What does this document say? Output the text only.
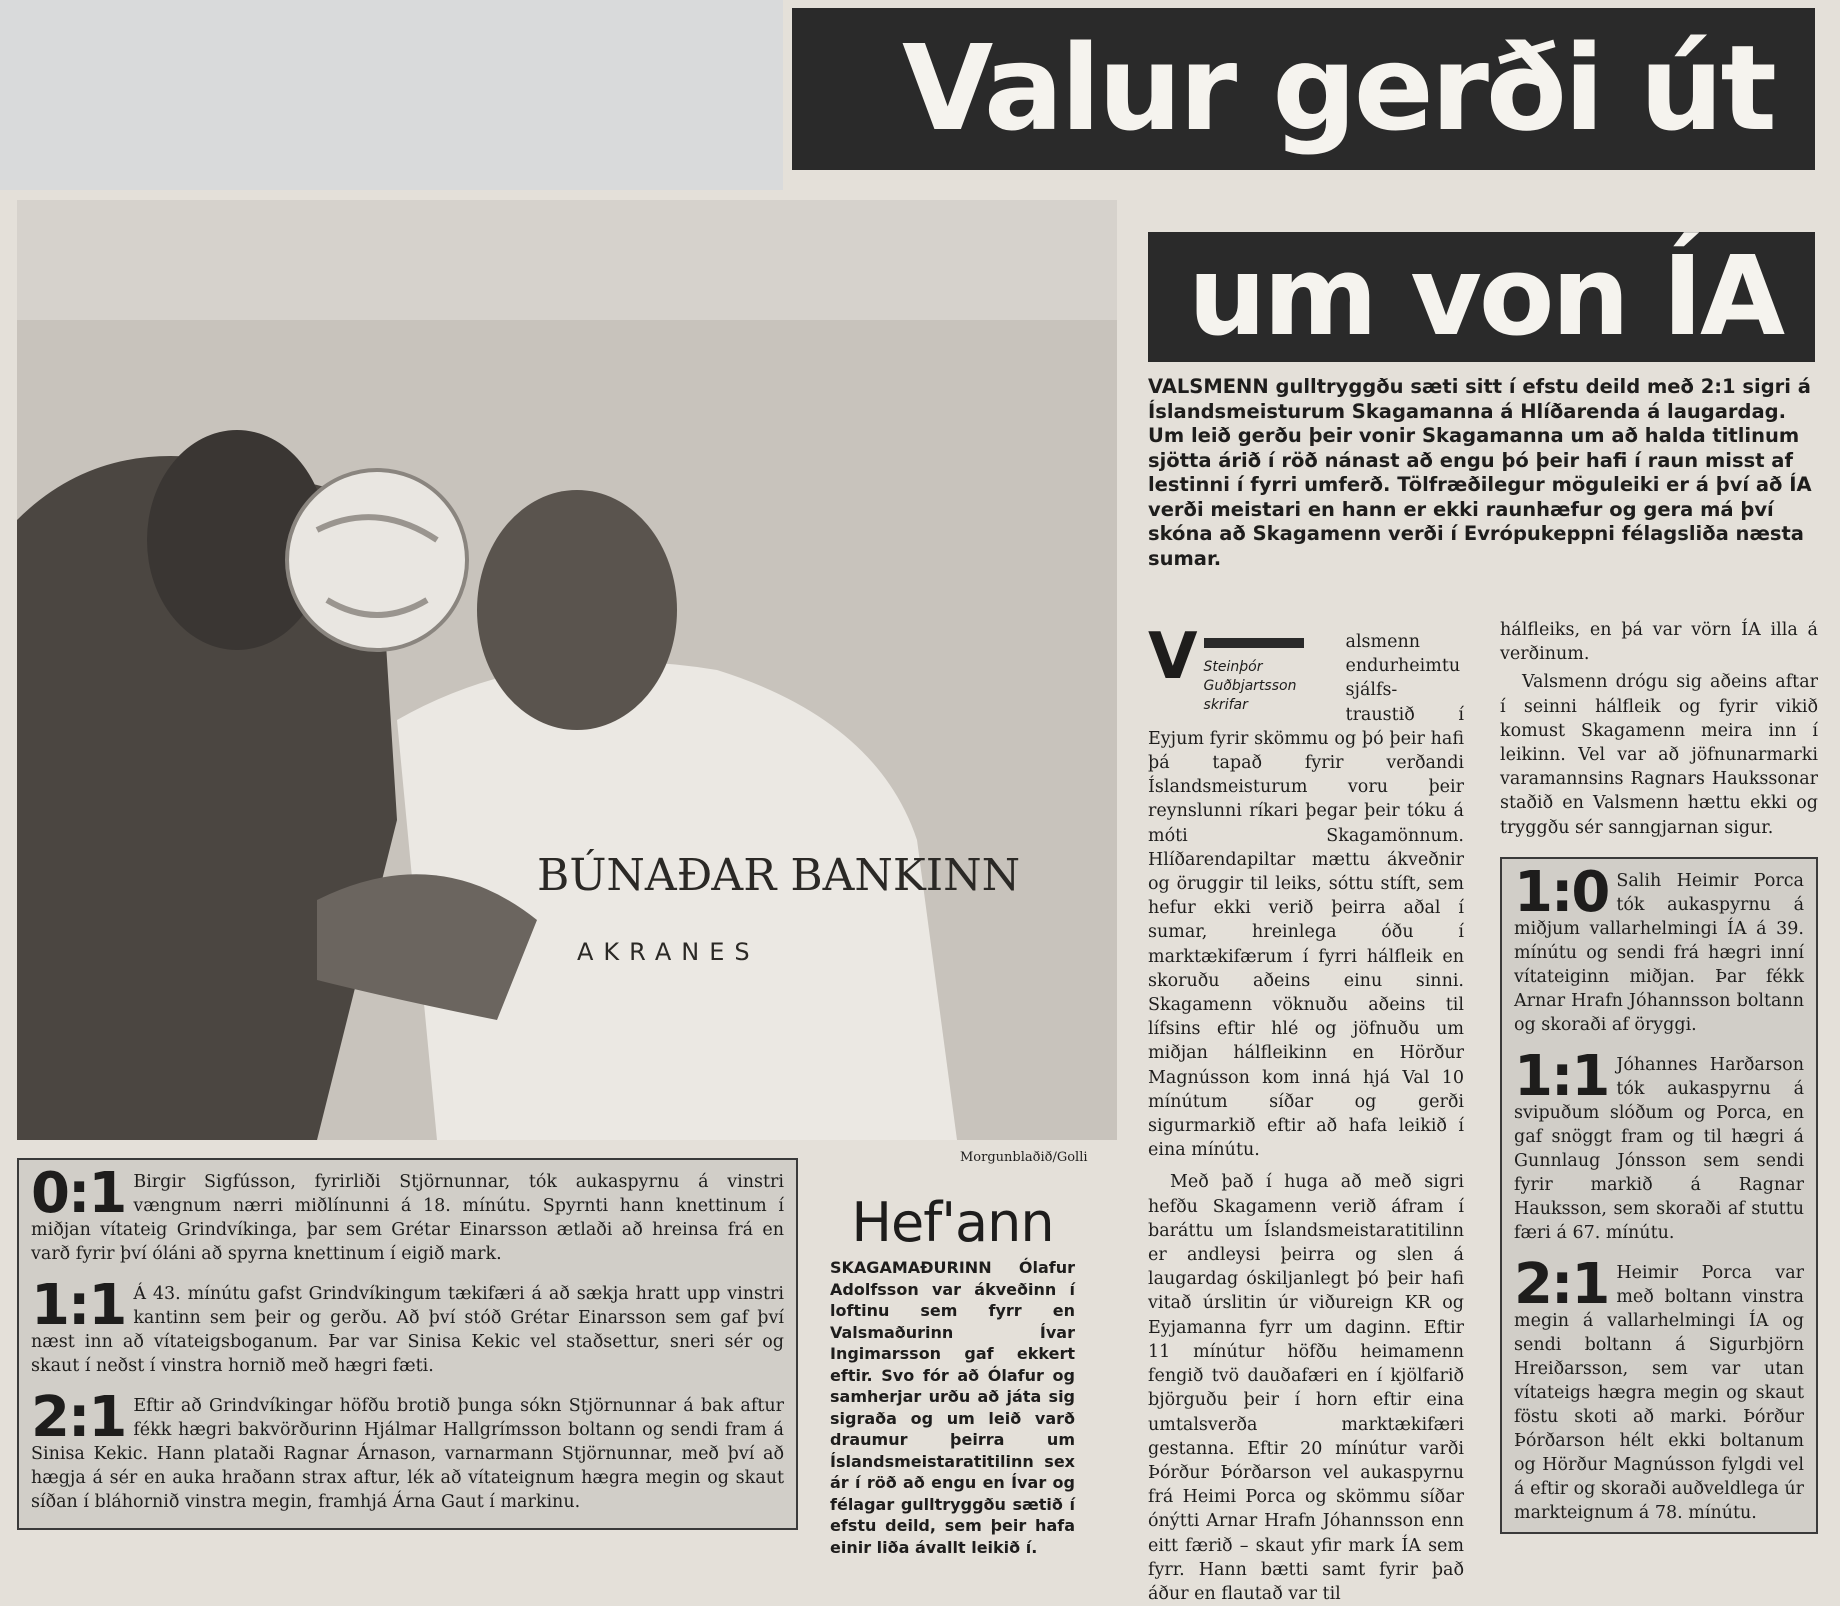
Valur gerði út
um von ÍA
BÚNAÐAR BANKINN
AKRANES
Morgunblaðið/Golli
VALSMENN gulltryggðu sæti sitt í efstu deild með 2:1 sigri á Íslandsmeisturum Skagamanna á Hlíðarenda á laugardag. Um leið gerðu þeir vonir Skagamanna um að halda titlinum sjötta árið í röð nánast að engu þó þeir hafi í raun misst af lestinni í fyrri umferð. Tölfræðilegur möguleiki er á því að ÍA verði meistari en hann er ekki raunhæfur og gera má því skóna að Skagamenn verði í Evrópukeppni félagsliða næsta sumar.
V Steinþór Guðbjartsson
skrifar
alsmenn endurheimtu sjálfs-traustið í Eyjum fyrir skömmu og þó þeir hafi þá tapað fyrir verðandi Íslandsmeisturum voru þeir reynslunni ríkari þegar þeir tóku á móti Skagamönnum. Hlíðarendapiltar mættu ákveðnir og öruggir til leiks, sóttu stíft, sem hefur ekki verið þeirra aðal í sumar, hreinlega óðu í marktækifærum í fyrri hálfleik en skoruðu aðeins einu sinni. Skagamenn vöknuðu aðeins til lífsins eftir hlé og jöfnuðu um miðjan hálfleikinn en Hörður Magnússon kom inná hjá Val 10 mínútum síðar og gerði sigurmarkið eftir að hafa leikið í eina mínútu.

Með það í huga að með sigri hefðu Skagamenn verið áfram í baráttu um Íslandsmeistaratitilinn er andleysi þeirra og slen á laugardag óskiljanlegt þó þeir hafi vitað úrslitin úr viðureign KR og Eyjamanna fyrr um daginn. Eftir 11 mínútur höfðu heimamenn fengið tvö dauðafæri en í kjölfarið björguðu þeir í horn eftir eina umtalsverða marktækifæri gestanna. Eftir 20 mínútur varði Þórður Þórðarson vel aukaspyrnu frá Heimi Porca og skömmu síðar ónýtti Arnar Hrafn Jóhannsson enn eitt færið – skaut yfir mark ÍA sem fyrr. Hann bætti samt fyrir það áður en flautað var til

hálfleiks, en þá var vörn ÍA illa á verðinum.

Valsmenn drógu sig aðeins aftar í seinni hálfleik og fyrir vikið komust Skagamenn meira inn í leikinn. Vel var að jöfnunarmarki varamannsins Ragnars Haukssonar staðið en Valsmenn hættu ekki og tryggðu sér sanngjarnan sigur.

1:0 Salih Heimir Porca tók aukaspyrnu á miðjum vallarhelmingi ÍA á 39. mínútu og sendi frá hægri inní vítateiginn miðjan. Þar fékk Arnar Hrafn Jóhannsson boltann og skoraði af öryggi.
1:1 Jóhannes Harðarson tók aukaspyrnu á svipuðum slóðum og Porca, en gaf snöggt fram og til hægri á Gunnlaug Jónsson sem sendi fyrir markið á Ragnar Hauksson, sem skoraði af stuttu færi á 67. mínútu.
2:1 Heimir Porca var með boltann vinstra megin á vallarhelmingi ÍA og sendi boltann á Sigurbjörn Hreiðarsson, sem var utan vítateigs hægra megin og skaut föstu skoti að marki. Þórður Þórðarson hélt ekki boltanum og Hörður Magnússon fylgdi vel á eftir og skoraði auðveldlega úr markteignum á 78. mínútu.
0:1 Birgir Sigfússon, fyrirliði Stjörnunnar, tók aukaspyrnu á vinstri vængnum nærri miðlínunni á 18. mínútu. Spyrnti hann knettinum í miðjan vítateig Grindvíkinga, þar sem Grétar Einarsson ætlaði að hreinsa frá en varð fyrir því óláni að spyrna knettinum í eigið mark.
1:1 Á 43. mínútu gafst Grindvíkingum tækifæri á að sækja hratt upp vinstri kantinn sem þeir og gerðu. Að því stóð Grétar Einarsson sem gaf því næst inn að vítateigsboganum. Þar var Sinisa Kekic vel staðsettur, sneri sér og skaut í neðst í vinstra hornið með hægri fæti.
2:1 Eftir að Grindvíkingar höfðu brotið þunga sókn Stjörnunnar á bak aftur fékk hægri bakvörðurinn Hjálmar Hallgrímsson boltann og sendi fram á Sinisa Kekic. Hann plataði Ragnar Árnason, varnarmann Stjörnunnar, með því að hægja á sér en auka hraðann strax aftur, lék að vítateignum hægra megin og skaut síðan í bláhornið vinstra megin, framhjá Árna Gaut í markinu.
Hef'ann
SKAGAMAÐURINN Ólafur Adolfsson var ákveðinn í loftinu sem fyrr en Valsmaðurinn Ívar Ingimarsson gaf ekkert eftir. Svo fór að Ólafur og samherjar urðu að játa sig sigraða og um leið varð draumur þeirra um Íslandsmeistaratitilinn sex ár í röð að engu en Ívar og félagar gulltryggðu sætið í efstu deild, sem þeir hafa einir liða ávallt leikið í.
